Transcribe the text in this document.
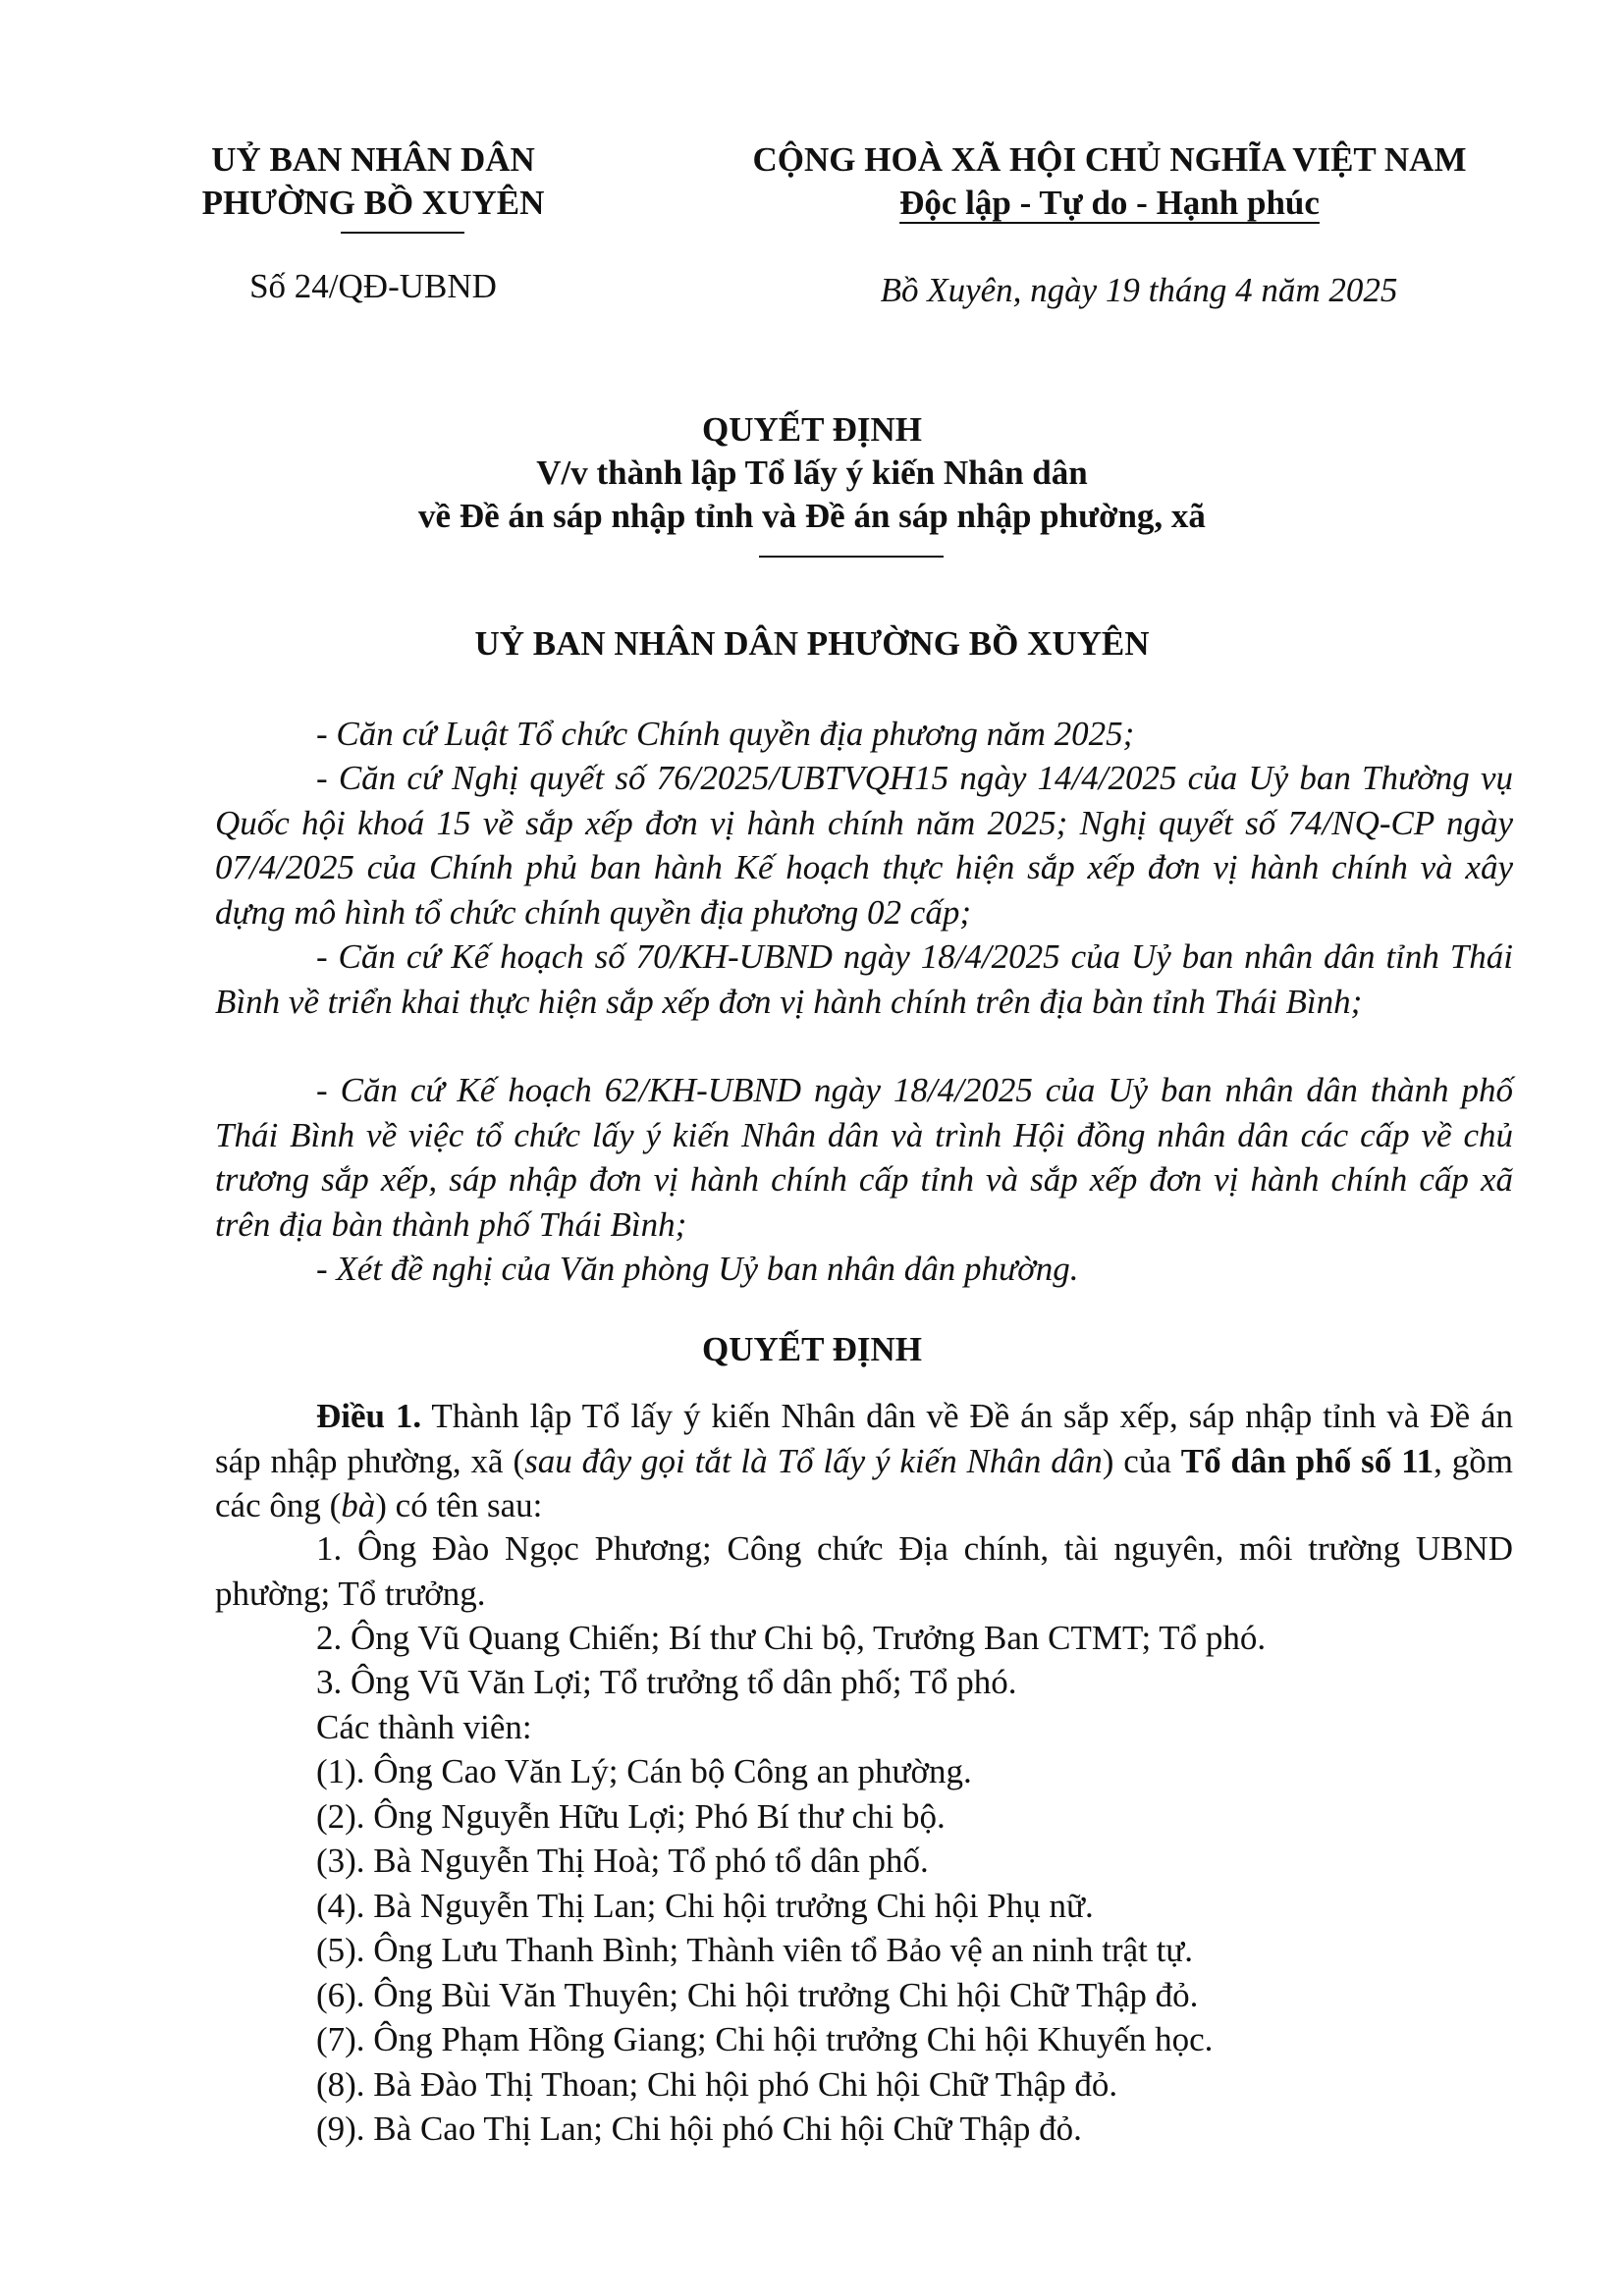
UỶ BAN NHÂN DÂN
PHƯỜNG BỒ XUYÊN
Số 24/QĐ-UBND
CỘNG HOÀ XÃ HỘI CHỦ NGHĨA VIỆT NAM
Độc lập - Tự do - Hạnh phúc
Bồ Xuyên, ngày 19 tháng 4 năm 2025
QUYẾT ĐỊNH
V/v thành lập Tổ lấy ý kiến Nhân dân
về Đề án sáp nhập tỉnh và Đề án sáp nhập phường, xã
UỶ BAN NHÂN DÂN PHƯỜNG BỒ XUYÊN
- Căn cứ Luật Tổ chức Chính quyền địa phương năm 2025;
- Căn cứ Nghị quyết số 76/2025/UBTVQH15 ngày 14/4/2025 của Uỷ ban Thường vụ Quốc hội khoá 15 về sắp xếp đơn vị hành chính năm 2025; Nghị quyết số 74/NQ-CP ngày 07/4/2025 của Chính phủ ban hành Kế hoạch thực hiện sắp xếp đơn vị hành chính và xây dựng mô hình tổ chức chính quyền địa phương 02 cấp;
- Căn cứ Kế hoạch số 70/KH-UBND ngày 18/4/2025 của Uỷ ban nhân dân tỉnh Thái Bình về triển khai thực hiện sắp xếp đơn vị hành chính trên địa bàn tỉnh Thái Bình;
- Căn cứ Kế hoạch 62/KH-UBND ngày 18/4/2025 của Uỷ ban nhân dân thành phố Thái Bình về việc tổ chức lấy ý kiến Nhân dân và trình Hội đồng nhân dân các cấp về chủ trương sắp xếp, sáp nhập đơn vị hành chính cấp tỉnh và sắp xếp đơn vị hành chính cấp xã trên địa bàn thành phố Thái Bình;
- Xét đề nghị của Văn phòng Uỷ ban nhân dân phường.
QUYẾT ĐỊNH
Điều 1. Thành lập Tổ lấy ý kiến Nhân dân về Đề án sắp xếp, sáp nhập tỉnh và Đề án sáp nhập phường, xã (sau đây gọi tắt là Tổ lấy ý kiến Nhân dân) của Tổ dân phố số 11, gồm các ông (bà) có tên sau:
1. Ông Đào Ngọc Phương; Công chức Địa chính, tài nguyên, môi trường UBND phường; Tổ trưởng.
2. Ông Vũ Quang Chiến; Bí thư Chi bộ, Trưởng Ban CTMT; Tổ phó.
3. Ông Vũ Văn Lợi; Tổ trưởng tổ dân phố; Tổ phó.
Các thành viên:
(1). Ông Cao Văn Lý; Cán bộ Công an phường.
(2). Ông Nguyễn Hữu Lợi; Phó Bí thư chi bộ.
(3). Bà Nguyễn Thị Hoà; Tổ phó tổ dân phố.
(4). Bà Nguyễn Thị Lan; Chi hội trưởng Chi hội Phụ nữ.
(5). Ông Lưu Thanh Bình; Thành viên tổ Bảo vệ an ninh trật tự.
(6). Ông Bùi Văn Thuyên; Chi hội trưởng Chi hội Chữ Thập đỏ.
(7). Ông Phạm Hồng Giang; Chi hội trưởng Chi hội Khuyến học.
(8). Bà Đào Thị Thoan; Chi hội phó Chi hội Chữ Thập đỏ.
(9). Bà Cao Thị Lan; Chi hội phó Chi hội Chữ Thập đỏ.
